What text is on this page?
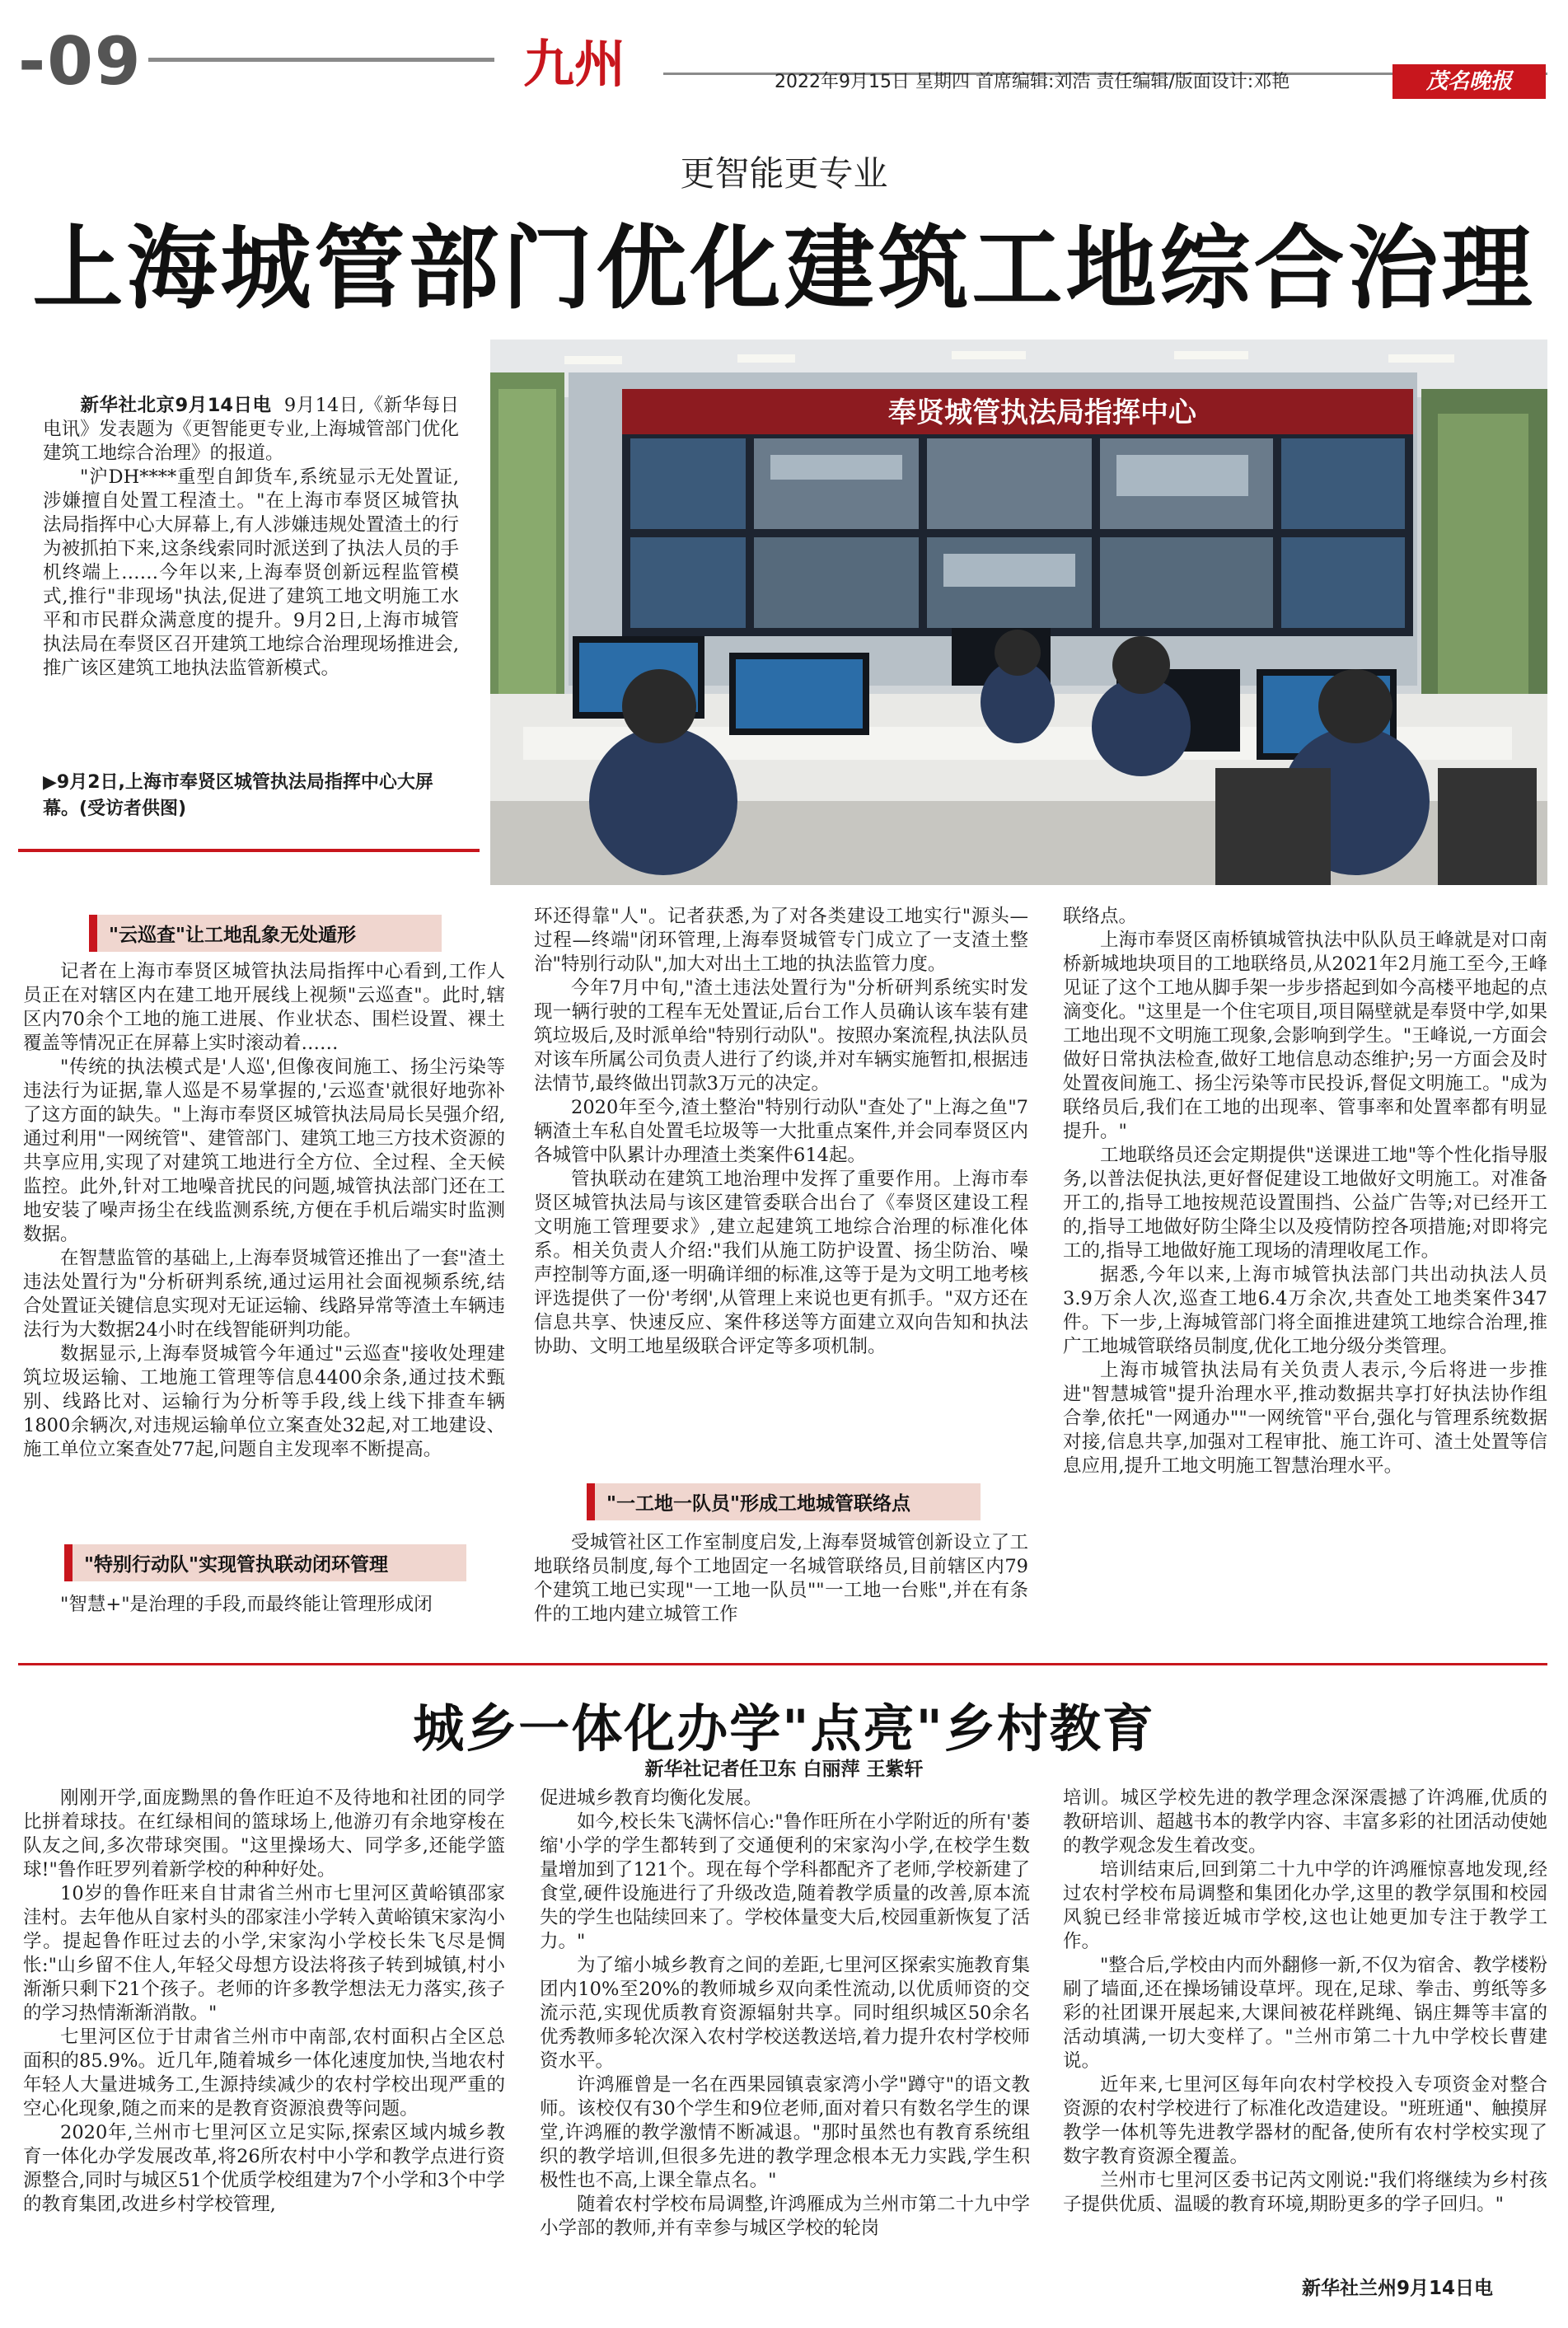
-09	九州	2022年9月15日 星期四 首席编辑:刘浩 责任编辑/版面设计:邓艳	茂名晚报
更智能更专业
上海城管部门优化建筑工地综合治理

新华社北京9月14日电 9月14日,《新华每日电讯》发表题为《更智能更专业,上海城管部门优化建筑工地综合治理》的报道。

"沪DH****重型自卸货车,系统显示无处置证,涉嫌擅自处置工程渣土。"在上海市奉贤区城管执法局指挥中心大屏幕上,有人涉嫌违规处置渣土的行为被抓拍下来,这条线索同时派送到了执法人员的手机终端上……今年以来,上海奉贤创新远程监管模式,推行"非现场"执法,促进了建筑工地文明施工水平和市民群众满意度的提升。9月2日,上海市城管执法局在奉贤区召开建筑工地综合治理现场推进会,推广该区建筑工地执法监管新模式。

奉贤城管执法局指挥中心
▶9月2日,上海市奉贤区城管执法局指挥中心大屏幕。(受访者供图)
"云巡查"让工地乱象无处遁形

记者在上海市奉贤区城管执法局指挥中心看到,工作人员正在对辖区内在建工地开展线上视频"云巡查"。此时,辖区内70余个工地的施工进展、作业状态、围栏设置、裸土覆盖等情况正在屏幕上实时滚动着……

"传统的执法模式是'人巡',但像夜间施工、扬尘污染等违法行为证据,靠人巡是不易掌握的,'云巡查'就很好地弥补了这方面的缺失。"上海市奉贤区城管执法局局长吴强介绍,通过利用"一网统管"、建管部门、建筑工地三方技术资源的共享应用,实现了对建筑工地进行全方位、全过程、全天候监控。此外,针对工地噪音扰民的问题,城管执法部门还在工地安装了噪声扬尘在线监测系统,方便在手机后端实时监测数据。

在智慧监管的基础上,上海奉贤城管还推出了一套"渣土违法处置行为"分析研判系统,通过运用社会面视频系统,结合处置证关键信息实现对无证运输、线路异常等渣土车辆违法行为大数据24小时在线智能研判功能。

数据显示,上海奉贤城管今年通过"云巡查"接收处理建筑垃圾运输、工地施工管理等信息4400余条,通过技术甄别、线路比对、运输行为分析等手段,线上线下排查车辆1800余辆次,对违规运输单位立案查处32起,对工地建设、施工单位立案查处77起,问题自主发现率不断提高。

"特别行动队"实现管执联动闭环管理

"智慧+"是治理的手段,而最终能让管理形成闭

环还得靠"人"。记者获悉,为了对各类建设工地实行"源头—过程—终端"闭环管理,上海奉贤城管专门成立了一支渣土整治"特别行动队",加大对出土工地的执法监管力度。

今年7月中旬,"渣土违法处置行为"分析研判系统实时发现一辆行驶的工程车无处置证,后台工作人员确认该车装有建筑垃圾后,及时派单给"特别行动队"。按照办案流程,执法队员对该车所属公司负责人进行了约谈,并对车辆实施暂扣,根据违法情节,最终做出罚款3万元的决定。

2020年至今,渣土整治"特别行动队"查处了"上海之鱼"7辆渣土车私自处置毛垃圾等一大批重点案件,并会同奉贤区内各城管中队累计办理渣土类案件614起。

管执联动在建筑工地治理中发挥了重要作用。上海市奉贤区城管执法局与该区建管委联合出台了《奉贤区建设工程文明施工管理要求》,建立起建筑工地综合治理的标准化体系。相关负责人介绍:"我们从施工防护设置、扬尘防治、噪声控制等方面,逐一明确详细的标准,这等于是为文明工地考核评选提供了一份'考纲',从管理上来说也更有抓手。"双方还在信息共享、快速反应、案件移送等方面建立双向告知和执法协助、文明工地星级联合评定等多项机制。

"一工地一队员"形成工地城管联络点

受城管社区工作室制度启发,上海奉贤城管创新设立了工地联络员制度,每个工地固定一名城管联络员,目前辖区内79个建筑工地已实现"一工地一队员""一工地一台账",并在有条件的工地内建立城管工作

联络点。

上海市奉贤区南桥镇城管执法中队队员王峰就是对口南桥新城地块项目的工地联络员,从2021年2月施工至今,王峰见证了这个工地从脚手架一步步搭起到如今高楼平地起的点滴变化。"这里是一个住宅项目,项目隔壁就是奉贤中学,如果工地出现不文明施工现象,会影响到学生。"王峰说,一方面会做好日常执法检查,做好工地信息动态维护;另一方面会及时处置夜间施工、扬尘污染等市民投诉,督促文明施工。"成为联络员后,我们在工地的出现率、管事率和处置率都有明显提升。"

工地联络员还会定期提供"送课进工地"等个性化指导服务,以普法促执法,更好督促建设工地做好文明施工。对准备开工的,指导工地按规范设置围挡、公益广告等;对已经开工的,指导工地做好防尘降尘以及疫情防控各项措施;对即将完工的,指导工地做好施工现场的清理收尾工作。

据悉,今年以来,上海市城管执法部门共出动执法人员3.9万余人次,巡查工地6.4万余次,共查处工地类案件347件。下一步,上海城管部门将全面推进建筑工地综合治理,推广工地城管联络员制度,优化工地分级分类管理。

上海市城管执法局有关负责人表示,今后将进一步推进"智慧城管"提升治理水平,推动数据共享打好执法协作组合拳,依托"一网通办""一网统管"平台,强化与管理系统数据对接,信息共享,加强对工程审批、施工许可、渣土处置等信息应用,提升工地文明施工智慧治理水平。

城乡一体化办学"点亮"乡村教育
新华社记者任卫东 白丽萍 王紫轩

刚刚开学,面庞黝黑的鲁作旺迫不及待地和社团的同学比拼着球技。在红绿相间的篮球场上,他游刃有余地穿梭在队友之间,多次带球突围。"这里操场大、同学多,还能学篮球!"鲁作旺罗列着新学校的种种好处。

10岁的鲁作旺来自甘肃省兰州市七里河区黄峪镇邵家洼村。去年他从自家村头的邵家洼小学转入黄峪镇宋家沟小学。提起鲁作旺过去的小学,宋家沟小学校长朱飞尽是惆怅:"山乡留不住人,年轻父母想方设法将孩子转到城镇,村小渐渐只剩下21个孩子。老师的许多教学想法无力落实,孩子的学习热情渐渐消散。"

七里河区位于甘肃省兰州市中南部,农村面积占全区总面积的85.9%。近几年,随着城乡一体化速度加快,当地农村年轻人大量进城务工,生源持续减少的农村学校出现严重的空心化现象,随之而来的是教育资源浪费等问题。

2020年,兰州市七里河区立足实际,探索区域内城乡教育一体化办学发展改革,将26所农村中小学和教学点进行资源整合,同时与城区51个优质学校组建为7个小学和3个中学的教育集团,改进乡村学校管理,

促进城乡教育均衡化发展。

如今,校长朱飞满怀信心:"鲁作旺所在小学附近的所有'萎缩'小学的学生都转到了交通便利的宋家沟小学,在校学生数量增加到了121个。现在每个学科都配齐了老师,学校新建了食堂,硬件设施进行了升级改造,随着教学质量的改善,原本流失的学生也陆续回来了。学校体量变大后,校园重新恢复了活力。"

为了缩小城乡教育之间的差距,七里河区探索实施教育集团内10%至20%的教师城乡双向柔性流动,以优质师资的交流示范,实现优质教育资源辐射共享。同时组织城区50余名优秀教师多轮次深入农村学校送教送培,着力提升农村学校师资水平。

许鸿雁曾是一名在西果园镇袁家湾小学"蹲守"的语文教师。该校仅有30个学生和9位老师,面对着只有数名学生的课堂,许鸿雁的教学激情不断减退。"那时虽然也有教育系统组织的教学培训,但很多先进的教学理念根本无力实践,学生积极性也不高,上课全靠点名。"

随着农村学校布局调整,许鸿雁成为兰州市第二十九中学小学部的教师,并有幸参与城区学校的轮岗

培训。城区学校先进的教学理念深深震撼了许鸿雁,优质的教研培训、超越书本的教学内容、丰富多彩的社团活动使她的教学观念发生着改变。

培训结束后,回到第二十九中学的许鸿雁惊喜地发现,经过农村学校布局调整和集团化办学,这里的教学氛围和校园风貌已经非常接近城市学校,这也让她更加专注于教学工作。

"整合后,学校由内而外翻修一新,不仅为宿舍、教学楼粉刷了墙面,还在操场铺设草坪。现在,足球、拳击、剪纸等多彩的社团课开展起来,大课间被花样跳绳、锅庄舞等丰富的活动填满,一切大变样了。"兰州市第二十九中学校长曹建说。

近年来,七里河区每年向农村学校投入专项资金对整合资源的农村学校进行了标准化改造建设。"班班通"、触摸屏教学一体机等先进教学器材的配备,使所有农村学校实现了数字教育资源全覆盖。

兰州市七里河区委书记芮文刚说:"我们将继续为乡村孩子提供优质、温暖的教育环境,期盼更多的学子回归。"

新华社兰州9月14日电
